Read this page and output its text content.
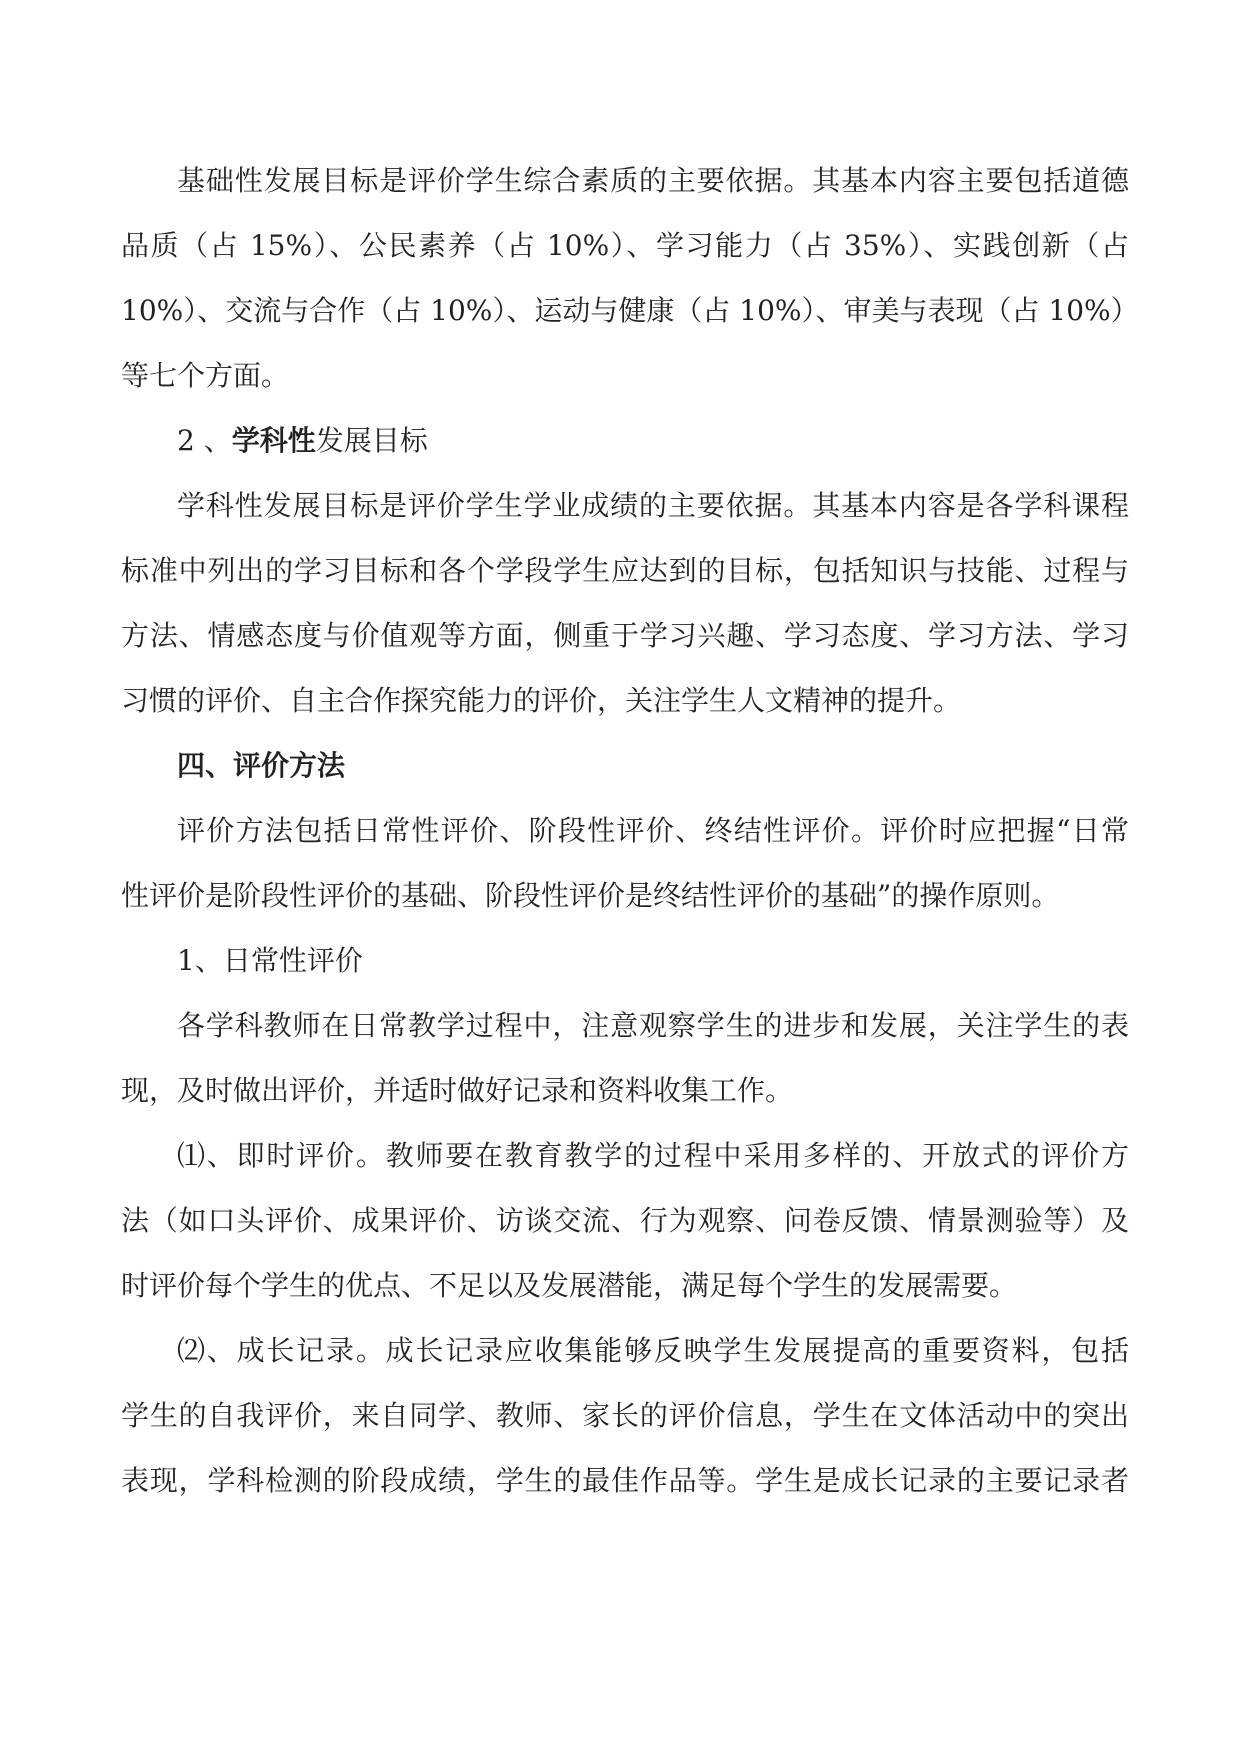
基础性发展目标是评价学生综合素质的主要依据。其基本内容主要包括道德
品质（占 15%）、公民素养（占 10%）、学习能力（占 35%）、实践创新（占
10%）、交流与合作（占 10%）、运动与健康（占 10%）、审美与表现（占 10%）
等七个方面。
2 、学科性发展目标
学科性发展目标是评价学生学业成绩的主要依据。其基本内容是各学科课程
标准中列出的学习目标和各个学段学生应达到的目标，包括知识与技能、过程与
方法、情感态度与价值观等方面，侧重于学习兴趣、学习态度、学习方法、学习
习惯的评价、自主合作探究能力的评价，关注学生人文精神的提升。
四、评价方法
评价方法包括日常性评价、阶段性评价、终结性评价。评价时应把握“日常
性评价是阶段性评价的基础、阶段性评价是终结性评价的基础”的操作原则。
1、日常性评价
各学科教师在日常教学过程中，注意观察学生的进步和发展，关注学生的表
现，及时做出评价，并适时做好记录和资料收集工作。
⑴、即时评价。教师要在教育教学的过程中采用多样的、开放式的评价方
法（如口头评价、成果评价、访谈交流、行为观察、问卷反馈、情景测验等）及
时评价每个学生的优点、不足以及发展潜能，满足每个学生的发展需要。
⑵、成长记录。成长记录应收集能够反映学生发展提高的重要资料，包括
学生的自我评价，来自同学、教师、家长的评价信息，学生在文体活动中的突出
表现，学科检测的阶段成绩，学生的最佳作品等。学生是成长记录的主要记录者
